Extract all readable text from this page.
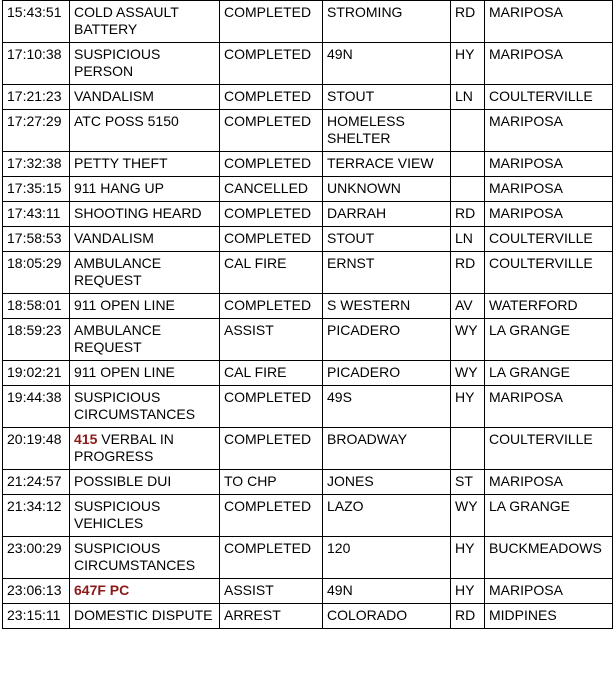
15:43:51	COLD ASSAULT BATTERY	COMPLETED	STROMING	RD	MARIPOSA
17:10:38	SUSPICIOUS PERSON	COMPLETED	49N	HY	MARIPOSA
17:21:23	VANDALISM	COMPLETED	STOUT	LN	COULTERVILLE
17:27:29	ATC POSS 5150	COMPLETED	HOMELESS SHELTER		MARIPOSA
17:32:38	PETTY THEFT	COMPLETED	TERRACE VIEW		MARIPOSA
17:35:15	911 HANG UP	CANCELLED	UNKNOWN		MARIPOSA
17:43:11	SHOOTING HEARD	COMPLETED	DARRAH	RD	MARIPOSA
17:58:53	VANDALISM	COMPLETED	STOUT	LN	COULTERVILLE
18:05:29	AMBULANCE REQUEST	CAL FIRE	ERNST	RD	COULTERVILLE
18:58:01	911 OPEN LINE	COMPLETED	S WESTERN	AV	WATERFORD
18:59:23	AMBULANCE REQUEST	ASSIST	PICADERO	WY	LA GRANGE
19:02:21	911 OPEN LINE	CAL FIRE	PICADERO	WY	LA GRANGE
19:44:38	SUSPICIOUS CIRCUMSTANCES	COMPLETED	49S	HY	MARIPOSA
20:19:48	415 VERBAL IN PROGRESS	COMPLETED	BROADWAY		COULTERVILLE
21:24:57	POSSIBLE DUI	TO CHP	JONES	ST	MARIPOSA
21:34:12	SUSPICIOUS VEHICLES	COMPLETED	LAZO	WY	LA GRANGE
23:00:29	SUSPICIOUS CIRCUMSTANCES	COMPLETED	120	HY	BUCKMEADOWS
23:06:13	647F PC	ASSIST	49N	HY	MARIPOSA
23:15:11	DOMESTIC DISPUTE	ARREST	COLORADO	RD	MIDPINES
